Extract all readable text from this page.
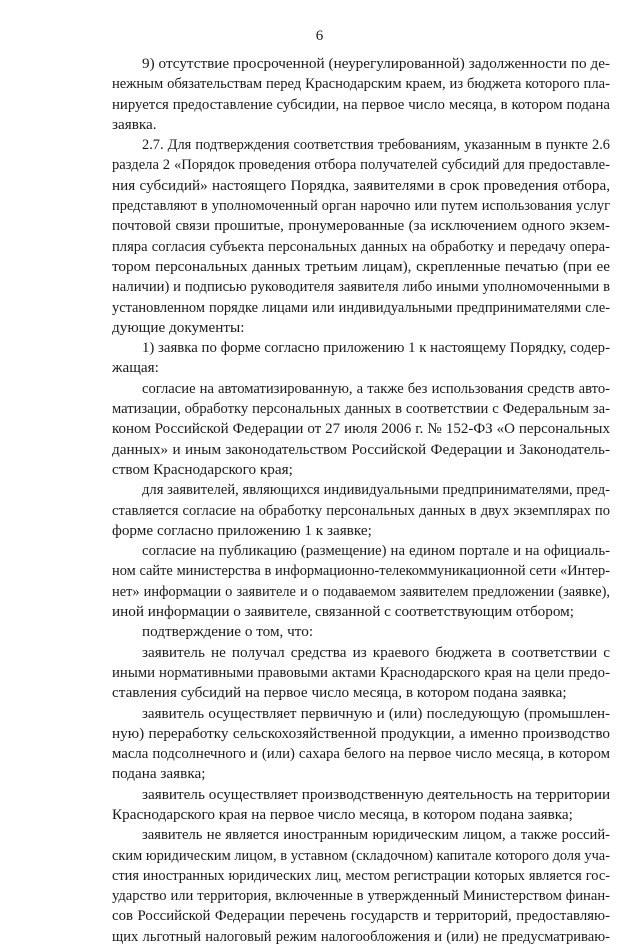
6
9) отсутствие просроченной (неурегулированной) задолженности по де-
нежным обязательствам перед Краснодарским краем, из бюджета которого пла-
нируется предоставление субсидии, на первое число месяца, в котором подана
заявка.
2.7. Для подтверждения соответствия требованиям, указанным в пункте 2.6
раздела 2 «Порядок проведения отбора получателей субсидий для предоставле-
ния субсидий» настоящего Порядка, заявителями в срок проведения отбора,
представляют в уполномоченный орган нарочно или путем использования услуг
почтовой связи прошитые, пронумерованные (за исключением одного экзем-
пляра согласия субъекта персональных данных на обработку и передачу опера-
тором персональных данных третьим лицам), скрепленные печатью (при ее
наличии) и подписью руководителя заявителя либо иными уполномоченными в
установленном порядке лицами или индивидуальными предпринимателями сле-
дующие документы:
1) заявка по форме согласно приложению 1 к настоящему Порядку, содер-
жащая:
согласие на автоматизированную, а также без использования средств авто-
матизации, обработку персональных данных в соответствии с Федеральным за-
коном Российской Федерации от 27 июля 2006 г. № 152-ФЗ «О персональных
данных» и иным законодательством Российской Федерации и Законодатель-
ством Краснодарского края;
для заявителей, являющихся индивидуальными предпринимателями, пред-
ставляется согласие на обработку персональных данных в двух экземплярах по
форме согласно приложению 1 к заявке;
согласие на публикацию (размещение) на едином портале и на официаль-
ном сайте министерства в информационно-телекоммуникационной сети «Интер-
нет» информации о заявителе и о подаваемом заявителем предложении (заявке),
иной информации о заявителе, связанной с соответствующим отбором;
подтверждение о том, что:
заявитель не получал средства из краевого бюджета в соответствии с
иными нормативными правовыми актами Краснодарского края на цели предо-
ставления субсидий на первое число месяца, в котором подана заявка;
заявитель осуществляет первичную и (или) последующую (промышлен-
ную) переработку сельскохозяйственной продукции, а именно производство
масла подсолнечного и (или) сахара белого на первое число месяца, в котором
подана заявка;
заявитель осуществляет производственную деятельность на территории
Краснодарского края на первое число месяца, в котором подана заявка;
заявитель не является иностранным юридическим лицом, а также россий-
ским юридическим лицом, в уставном (складочном) капитале которого доля уча-
стия иностранных юридических лиц, местом регистрации которых является гос-
ударство или территория, включенные в утвержденный Министерством финан-
сов Российской Федерации перечень государств и территорий, предоставляю-
щих льготный налоговый режим налогообложения и (или) не предусматриваю-
